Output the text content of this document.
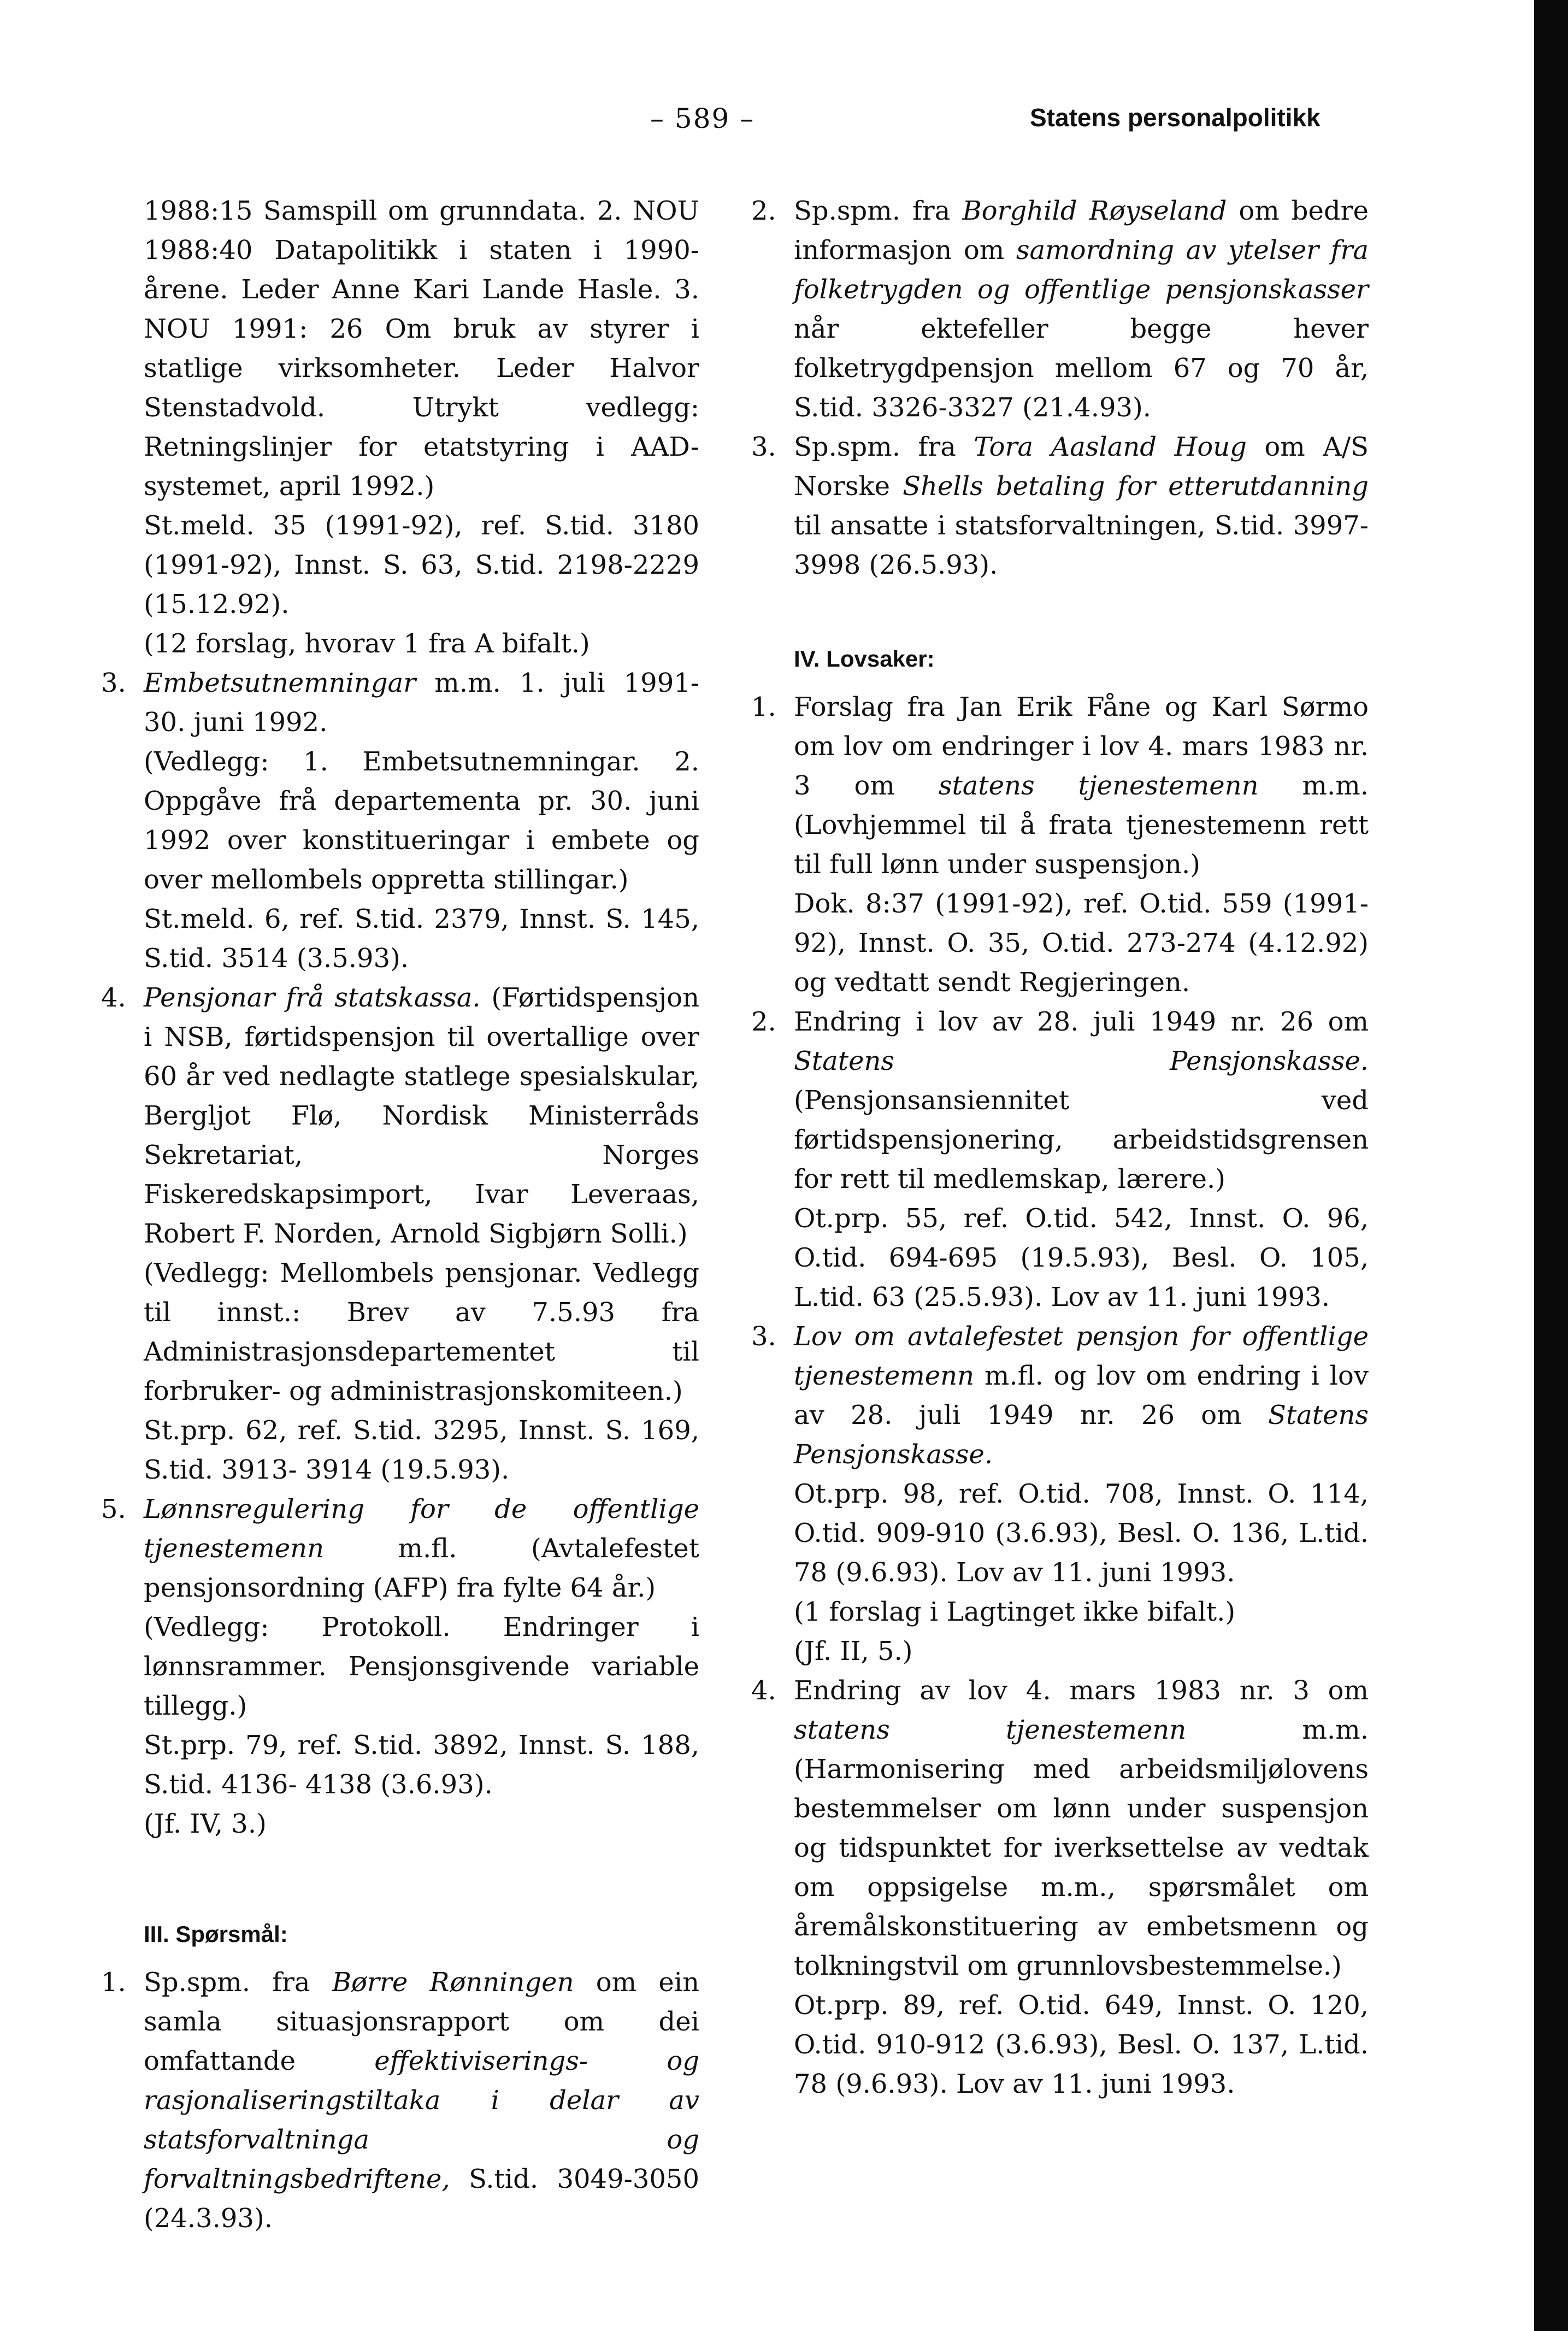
– 589 –	Statens personalpolitikk

1988:15 Samspill om grunndata. 2. NOU 1988:40 Datapolitikk i staten i 1990- årene. Leder Anne Kari Lande Hasle. 3. NOU 1991: 26 Om bruk av styrer i statlige virksomheter. Leder Halvor Stenstadvold. Utrykt vedlegg: Retningslinjer for etatstyring i AAD-systemet, april 1992.)

St.meld. 35 (1991-92), ref. S.tid. 3180 (1991-92), Innst. S. 63, S.tid. 2198-2229 (15.12.92).

(12 forslag, hvorav 1 fra A bifalt.)

3. Embetsutnemningar m.m. 1. juli 1991-30. juni 1992.

(Vedlegg: 1. Embetsutnemningar. 2. Oppgåve frå departementa pr. 30. juni 1992 over konstitueringar i embete og over mellombels oppretta stillingar.)

St.meld. 6, ref. S.tid. 2379, Innst. S. 145, S.tid. 3514 (3.5.93).

4. Pensjonar frå statskassa. (Førtidspensjon i NSB, førtidspensjon til overtallige over 60 år ved nedlagte statlege spesialskular, Bergljot Flø, Nordisk Ministerråds Sekretariat, Norges Fiskeredskapsimport, Ivar Leveraas, Robert F. Norden, Arnold Sigbjørn Solli.)

(Vedlegg: Mellombels pensjonar. Vedlegg til innst.: Brev av 7.5.93 fra Administrasjonsdepartementet til forbruker- og administrasjonskomiteen.)

St.prp. 62, ref. S.tid. 3295, Innst. S. 169, S.tid. 3913- 3914 (19.5.93).

5. Lønnsregulering for de offentlige tjenestemenn m.fl. (Avtalefestet pensjonsordning (AFP) fra fylte 64 år.)

(Vedlegg: Protokoll. Endringer i lønnsrammer. Pensjonsgivende variable tillegg.)

St.prp. 79, ref. S.tid. 3892, Innst. S. 188, S.tid. 4136- 4138 (3.6.93).

(Jf. IV, 3.)

III. Spørsmål:
1. Sp.spm. fra Børre Rønningen om ein samla situasjonsrapport om dei omfattande effektiviserings- og rasjonaliseringstiltaka i delar av statsforvaltninga og forvaltningsbedriftene, S.tid. 3049-3050 (24.3.93).

2. Sp.spm. fra Borghild Røyseland om bedre informasjon om samordning av ytelser fra folketrygden og offentlige pensjonskasser når ektefeller begge hever folketrygdpensjon mellom 67 og 70 år, S.tid. 3326-3327 (21.4.93).

3. Sp.spm. fra Tora Aasland Houg om A/S Norske Shells betaling for etterutdanning til ansatte i statsforvaltningen, S.tid. 3997-3998 (26.5.93).

IV. Lovsaker:
1. Forslag fra Jan Erik Fåne og Karl Sørmo om lov om endringer i lov 4. mars 1983 nr. 3 om statens tjenestemenn m.m. (Lovhjemmel til å frata tjenestemenn rett til full lønn under suspensjon.)

Dok. 8:37 (1991-92), ref. O.tid. 559 (1991-92), Innst. O. 35, O.tid. 273-274 (4.12.92) og vedtatt sendt Regjeringen.

2. Endring i lov av 28. juli 1949 nr. 26 om Statens Pensjonskasse. (Pensjonsansiennitet ved førtidspensjonering, arbeidstidsgrensen for rett til medlemskap, lærere.)

Ot.prp. 55, ref. O.tid. 542, Innst. O. 96, O.tid. 694-695 (19.5.93), Besl. O. 105, L.tid. 63 (25.5.93). Lov av 11. juni 1993.

3. Lov om avtalefestet pensjon for offentlige tjenestemenn m.fl. og lov om endring i lov av 28. juli 1949 nr. 26 om Statens Pensjonskasse.

Ot.prp. 98, ref. O.tid. 708, Innst. O. 114, O.tid. 909-910 (3.6.93), Besl. O. 136, L.tid. 78 (9.6.93). Lov av 11. juni 1993.

(1 forslag i Lagtinget ikke bifalt.)

(Jf. II, 5.)

4. Endring av lov 4. mars 1983 nr. 3 om statens tjenestemenn m.m. (Harmonisering med arbeidsmiljølovens bestemmelser om lønn under suspensjon og tidspunktet for iverksettelse av vedtak om oppsigelse m.m., spørsmålet om åremålskonstituering av embetsmenn og tolkningstvil om grunnlovsbestemmelse.)

Ot.prp. 89, ref. O.tid. 649, Innst. O. 120, O.tid. 910-912 (3.6.93), Besl. O. 137, L.tid. 78 (9.6.93). Lov av 11. juni 1993.
